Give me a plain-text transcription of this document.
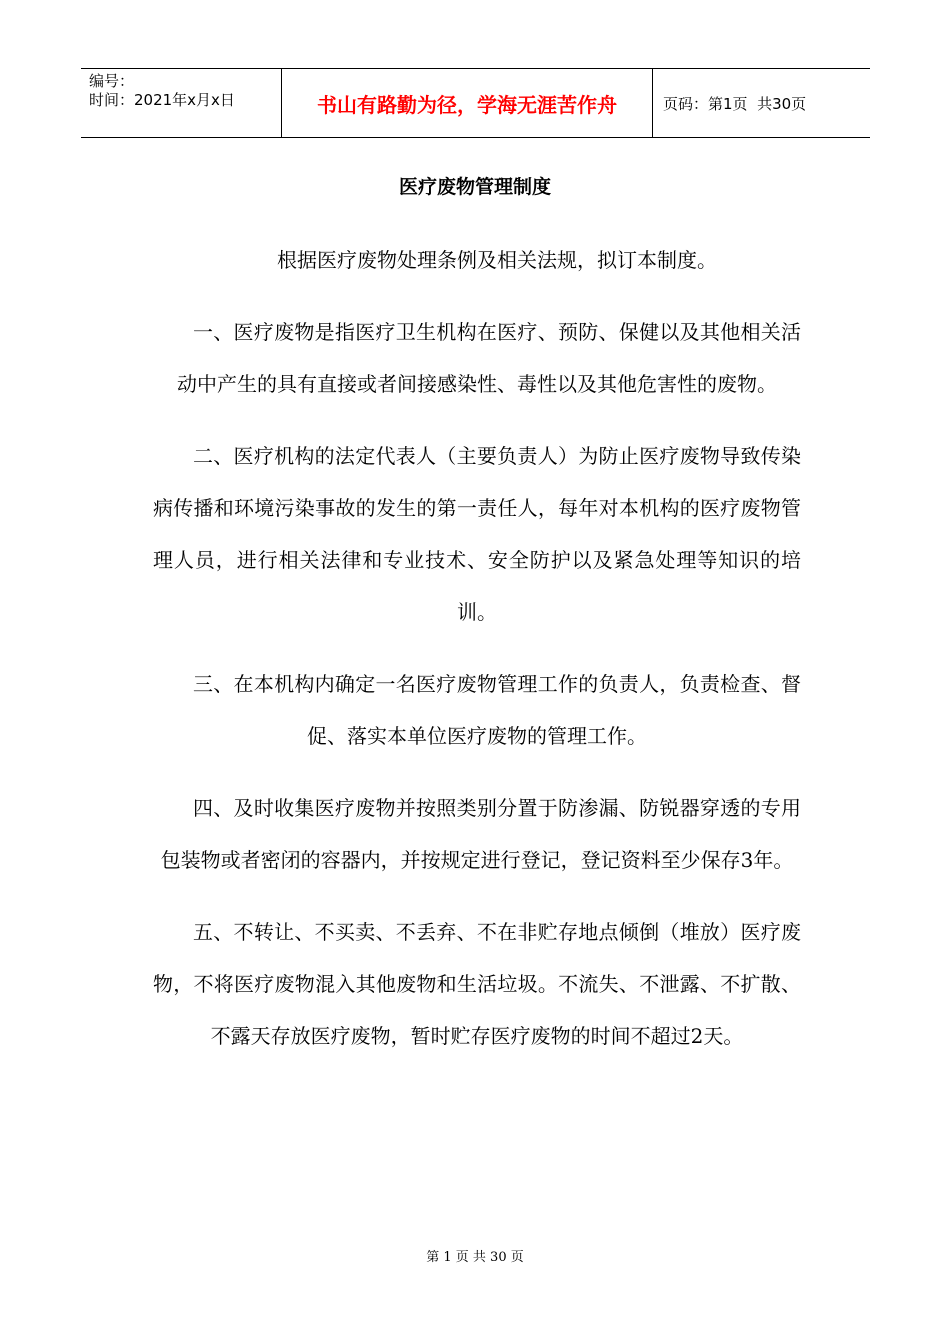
编号：
时间：2021年x月x日	书山有路勤为径，学海无涯苦作舟	页码：第1页  共30页
医疗废物管理制度

根据医疗废物处理条例及相关法规，拟订本制度。

一、医疗废物是指医疗卫生机构在医疗、预防、保健以及其他相关活动中产生的具有直接或者间接感染性、毒性以及其他危害性的废物。

二、医疗机构的法定代表人（主要负责人）为防止医疗废物导致传染病传播和环境污染事故的发生的第一责任人，每年对本机构的医疗废物管理人员，进行相关法律和专业技术、安全防护以及紧急处理等知识的培训。

三、在本机构内确定一名医疗废物管理工作的负责人，负责检查、督促、落实本单位医疗废物的管理工作。

四、及时收集医疗废物并按照类别分置于防渗漏、防锐器穿透的专用包装物或者密闭的容器内，并按规定进行登记，登记资料至少保存3年。

五、不转让、不买卖、不丢弃、不在非贮存地点倾倒（堆放）医疗废物，不将医疗废物混入其他废物和生活垃圾。不流失、不泄露、不扩散、不露天存放医疗废物，暂时贮存医疗废物的时间不超过2天。

第 1 页 共 30 页
